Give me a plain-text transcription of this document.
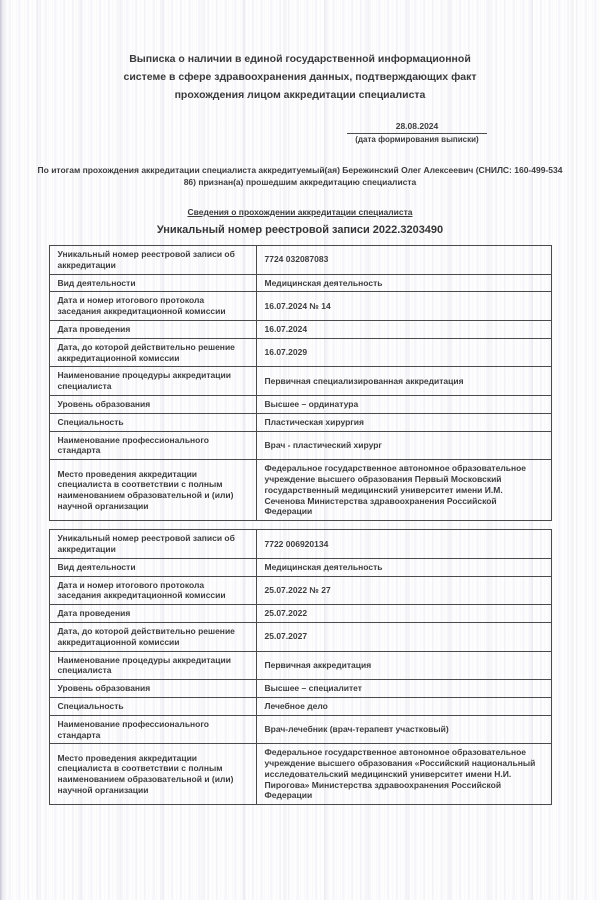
Выписка о наличии в единой государственной информационной
системе в сфере здравоохранения данных, подтверждающих факт
прохождения лицом аккредитации специалиста
28.08.2024
(дата формирования выписки)
По итогам прохождения аккредитации специалиста аккредитуемый(ая) Бережинский Олег Алексеевич (СНИЛС: 160-499-534 86) признан(а) прошедшим аккредитацию специалиста
Сведения о прохождении аккредитации специалиста
Уникальный номер реестровой записи 2022.3203490
Уникальный номер реестровой записи об аккредитации	7724 032087083
Вид деятельности	Медицинская деятельность
Дата и номер итогового протокола заседания аккредитационной комиссии	16.07.2024 № 14
Дата проведения	16.07.2024
Дата, до которой действительно решение аккредитационной комиссии	16.07.2029
Наименование процедуры аккредитации специалиста	Первичная специализированная аккредитация
Уровень образования	Высшее – ординатура
Специальность	Пластическая хирургия
Наименование профессионального стандарта	Врач - пластический хирург
Место проведения аккредитации специалиста в соответствии с полным наименованием образовательной и (или) научной организации	Федеральное государственное автономное образовательное учреждение высшего образования Первый Московский государственный медицинский университет имени И.М. Сеченова Министерства здравоохранения Российской Федерации
Уникальный номер реестровой записи об аккредитации	7722 006920134
Вид деятельности	Медицинская деятельность
Дата и номер итогового протокола заседания аккредитационной комиссии	25.07.2022 № 27
Дата проведения	25.07.2022
Дата, до которой действительно решение аккредитационной комиссии	25.07.2027
Наименование процедуры аккредитации специалиста	Первичная аккредитация
Уровень образования	Высшее – специалитет
Специальность	Лечебное дело
Наименование профессионального стандарта	Врач-лечебник (врач-терапевт участковый)
Место проведения аккредитации специалиста в соответствии с полным наименованием образовательной и (или) научной организации	Федеральное государственное автономное образовательное учреждение высшего образования «Российский национальный исследовательский медицинский университет имени Н.И. Пирогова» Министерства здравоохранения Российской Федерации
